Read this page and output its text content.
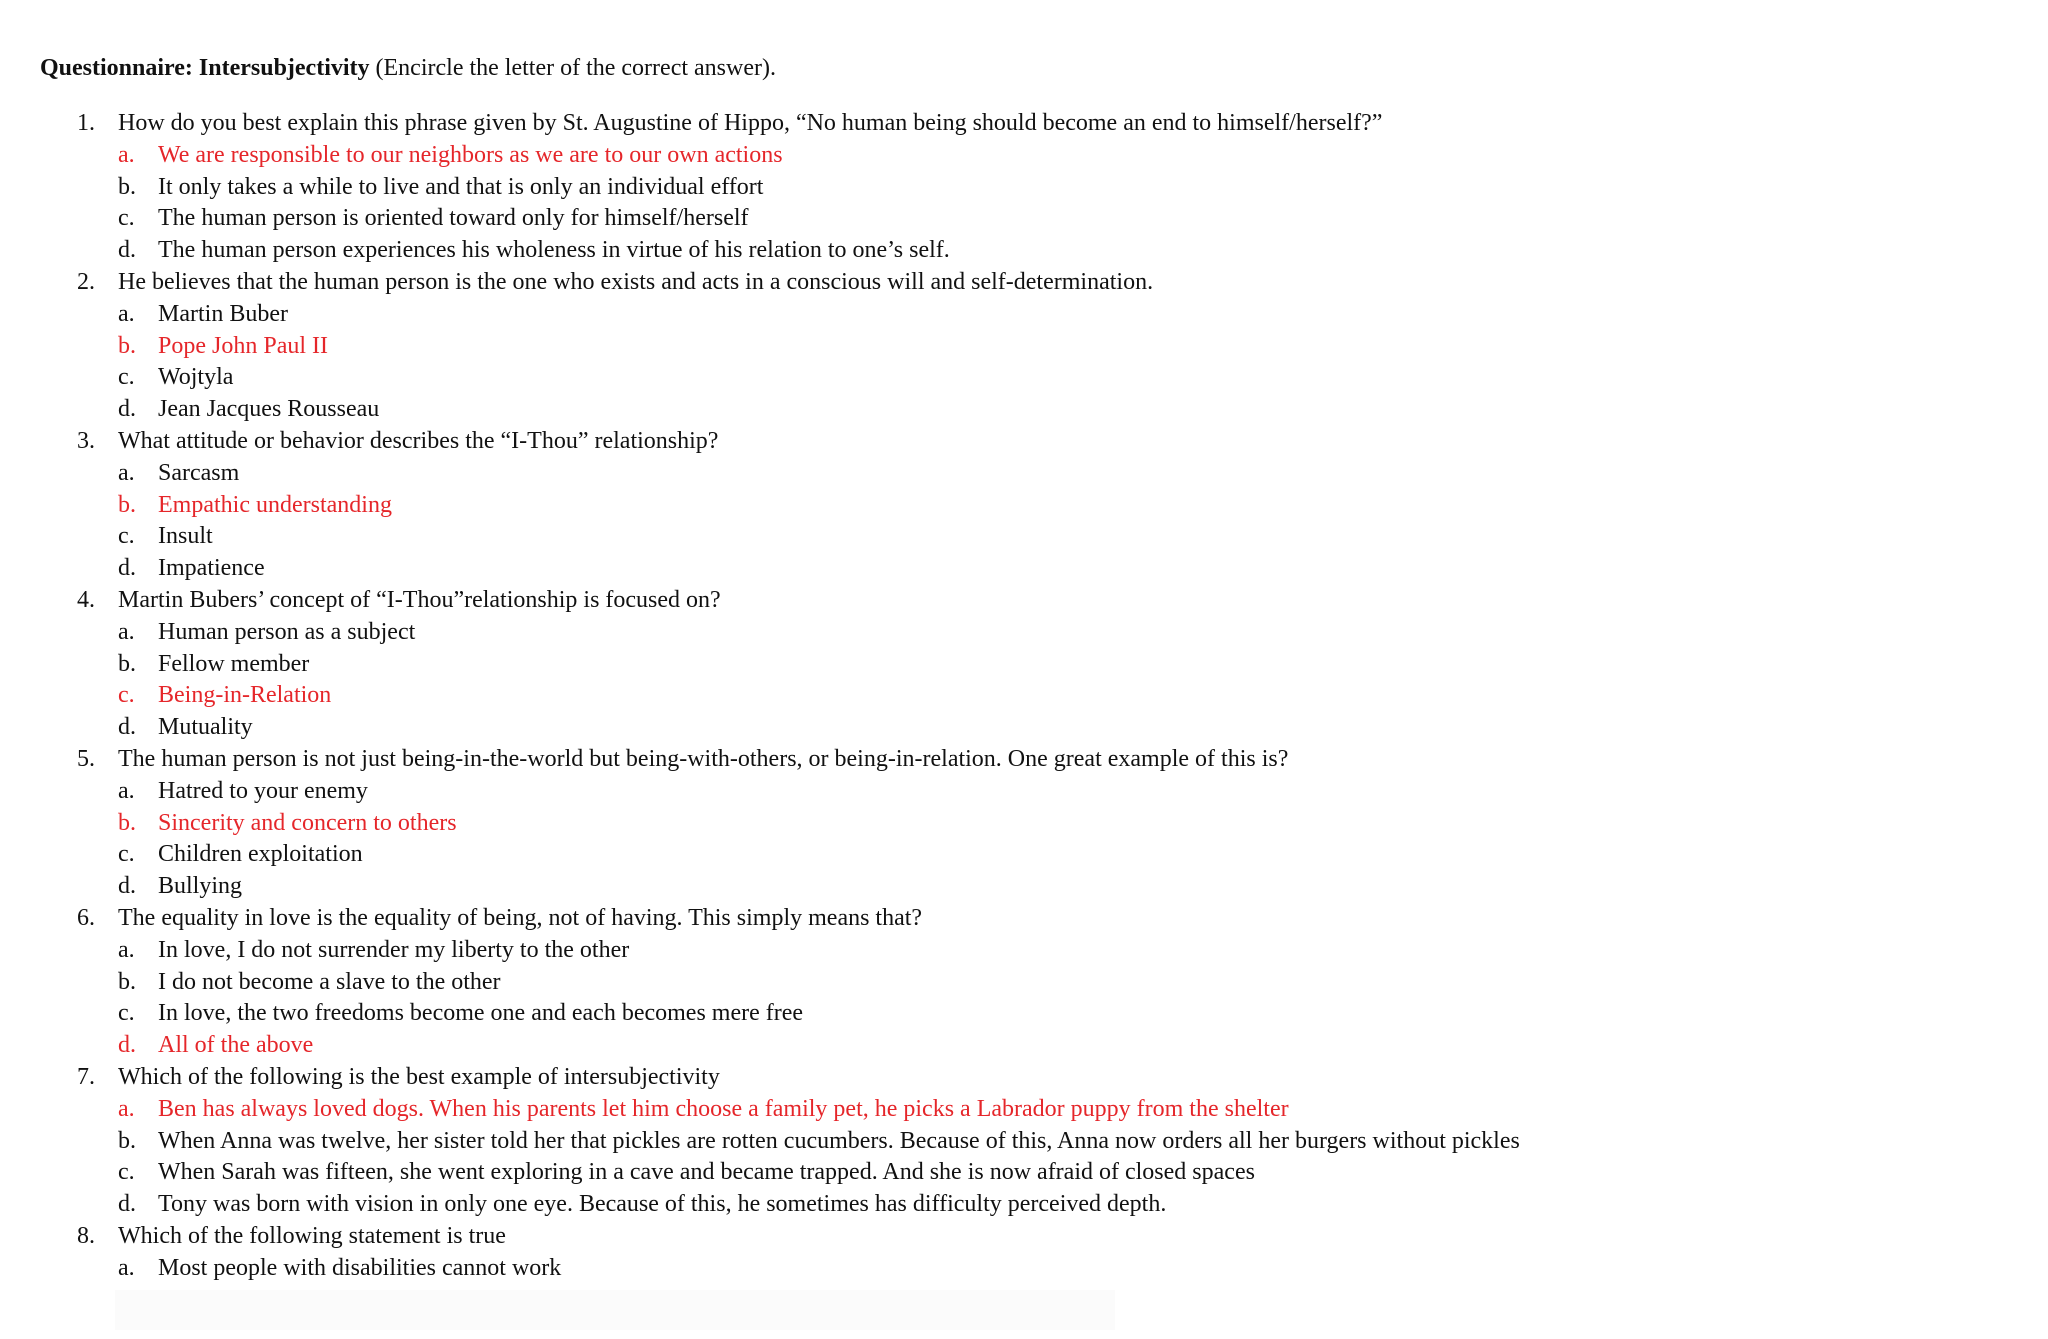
Questionnaire: Intersubjectivity (Encircle the letter of the correct answer).
1. How do you best explain this phrase given by St. Augustine of Hippo, “No human being should become an end to himself/herself?”
a. We are responsible to our neighbors as we are to our own actions
b. It only takes a while to live and that is only an individual effort
c. The human person is oriented toward only for himself/herself
d. The human person experiences his wholeness in virtue of his relation to one’s self.
2. He believes that the human person is the one who exists and acts in a conscious will and self-determination.
a. Martin Buber
b. Pope John Paul II
c. Wojtyla
d. Jean Jacques Rousseau
3. What attitude or behavior describes the “I-Thou” relationship?
a. Sarcasm
b. Empathic understanding
c. Insult
d. Impatience
4. Martin Bubers’ concept of “I-Thou”relationship is focused on?
a. Human person as a subject
b. Fellow member
c. Being-in-Relation
d. Mutuality
5. The human person is not just being-in-the-world but being-with-others, or being-in-relation. One great example of this is?
a. Hatred to your enemy
b. Sincerity and concern to others
c. Children exploitation
d. Bullying
6. The equality in love is the equality of being, not of having. This simply means that?
a. In love, I do not surrender my liberty to the other
b. I do not become a slave to the other
c. In love, the two freedoms become one and each becomes mere free
d. All of the above
7. Which of the following is the best example of intersubjectivity
a. Ben has always loved dogs. When his parents let him choose a family pet, he picks a Labrador puppy from the shelter
b. When Anna was twelve, her sister told her that pickles are rotten cucumbers. Because of this, Anna now orders all her burgers without pickles
c. When Sarah was fifteen, she went exploring in a cave and became trapped. And she is now afraid of closed spaces
d. Tony was born with vision in only one eye. Because of this, he sometimes has difficulty perceived depth.
8. Which of the following statement is true
a. Most people with disabilities cannot work
